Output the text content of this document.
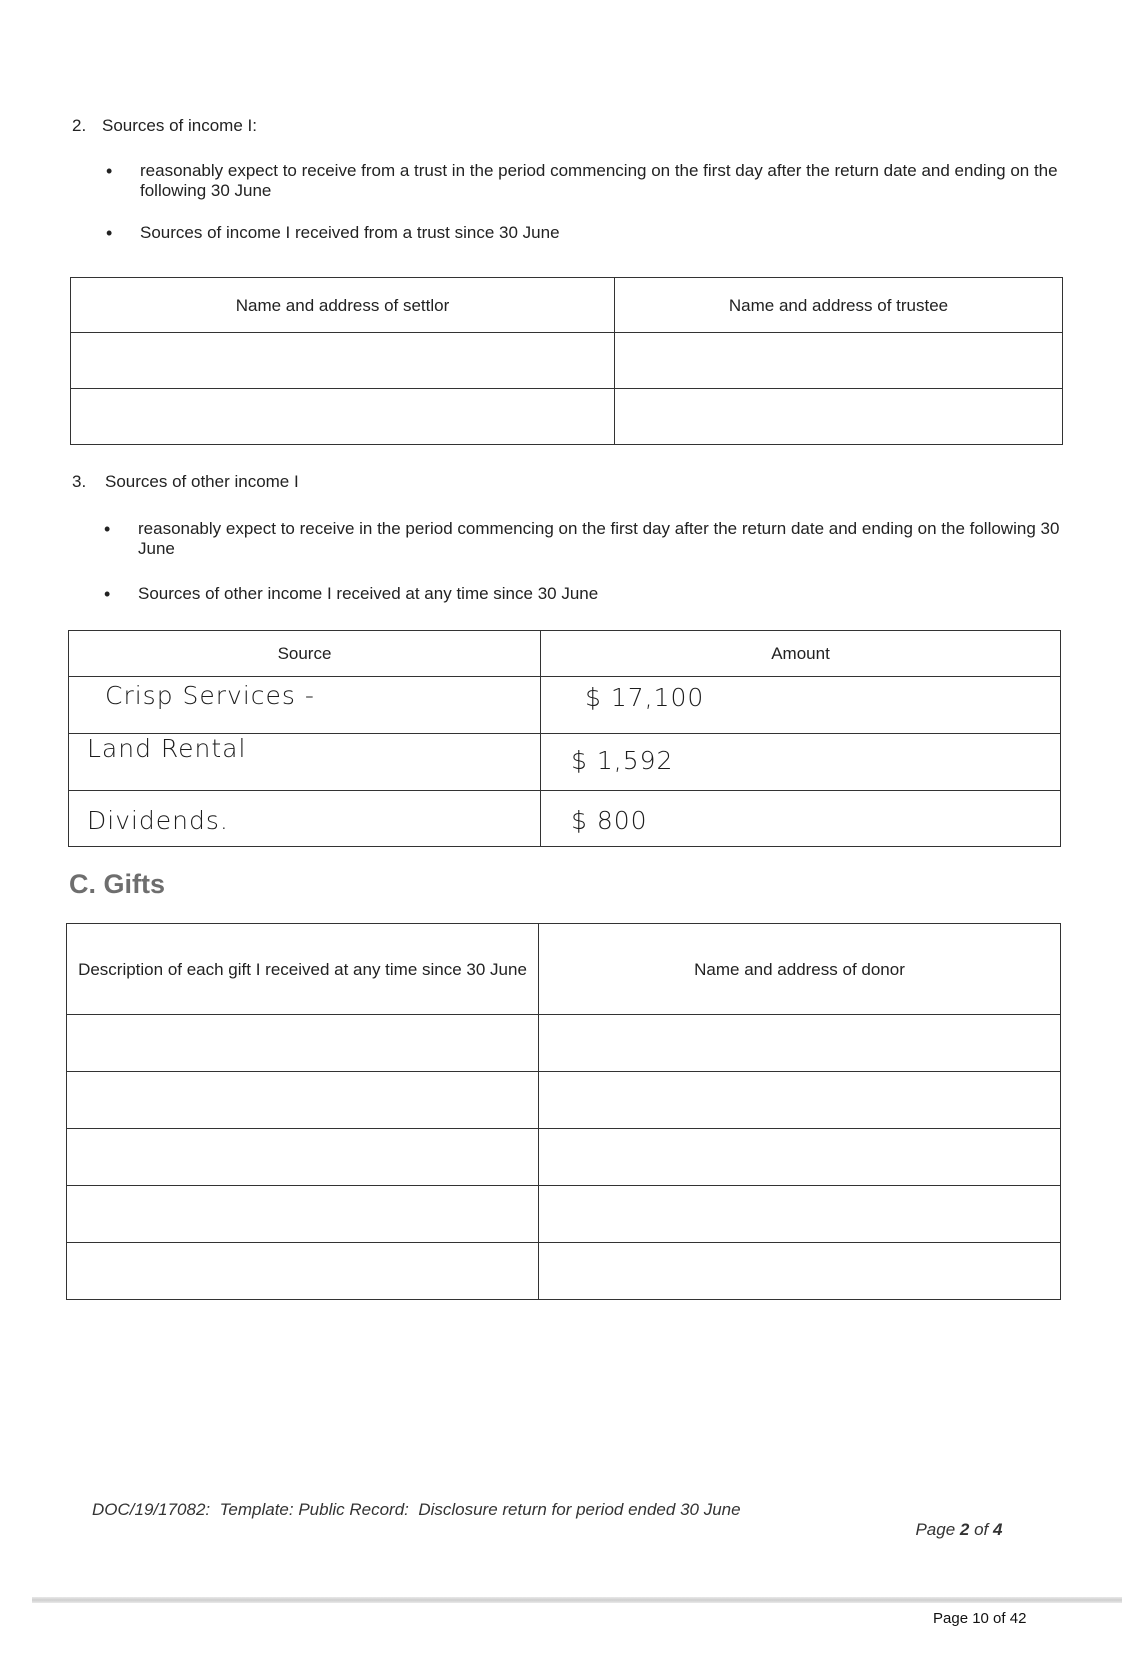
2. Sources of income I:
• reasonably expect to receive from a trust in the period commencing on the first day after the return date and ending on the following 30 June
• Sources of income I received from a trust since 30 June
Name and address of settlor	Name and address of trustee

3. Sources of other income I
• reasonably expect to receive in the period commencing on the first day after the return date and ending on the following 30 June
• Sources of other income I received at any time since 30 June
Source	Amount

Crisp Services -	$ 17,100

Land Rental	$ 1,592

Dividends.	$ 800
C. Gifts
Description of each gift I received at any time since 30 June	Name and address of donor

DOC/19/17082:  Template: Public Record:  Disclosure return for period ended 30 June

Page 2 of 4

Page 10 of 42
